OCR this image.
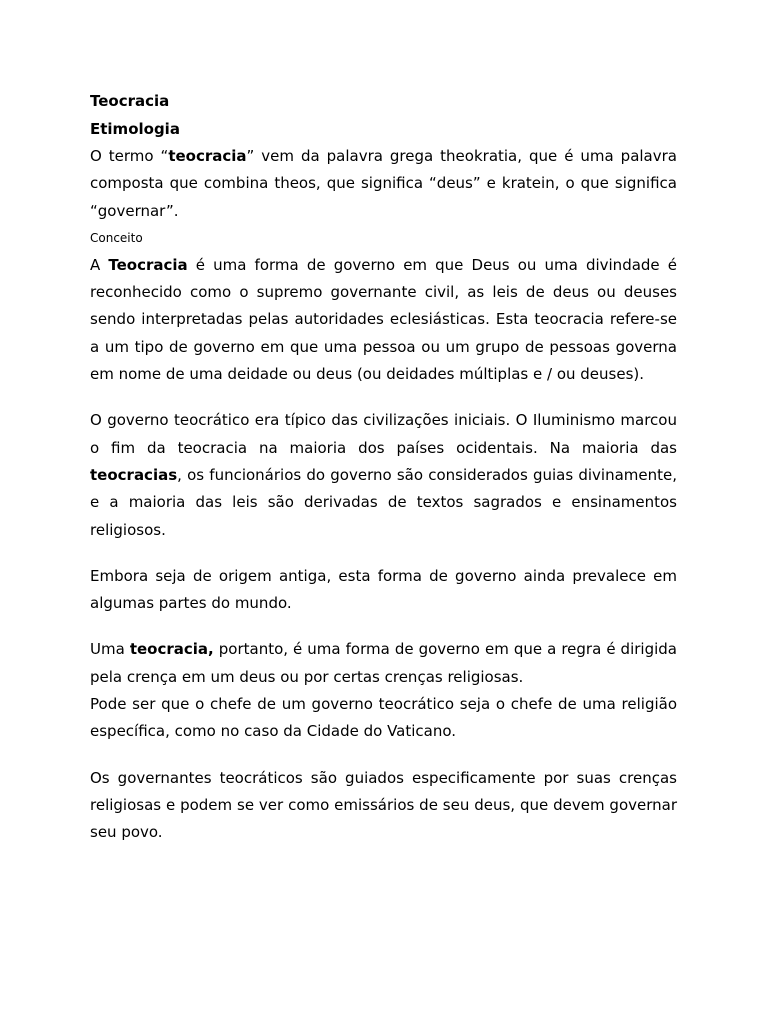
Teocracia

Etimologia

O termo “teocracia” vem da palavra grega theokratia, que é uma palavra composta que combina theos, que significa “deus” e kratein, o que significa “governar”.

Conceito

A Teocracia é uma forma de governo em que Deus ou uma divindade é reconhecido como o supremo governante civil, as leis de deus ou deuses sendo interpretadas pelas autoridades eclesiásticas. Esta teocracia refere-se a um tipo de governo em que uma pessoa ou um grupo de pessoas governa em nome de uma deidade ou deus (ou deidades múltiplas e / ou deuses).

O governo teocrático era típico das civilizações iniciais. O Iluminismo marcou o fim da teocracia na maioria dos países ocidentais. Na maioria das teocracias, os funcionários do governo são considerados guias divinamente, e a maioria das leis são derivadas de textos sagrados e ensinamentos religiosos.

Embora seja de origem antiga, esta forma de governo ainda prevalece em algumas partes do mundo.

Uma teocracia, portanto, é uma forma de governo em que a regra é dirigida pela crença em um deus ou por certas crenças religiosas.

Pode ser que o chefe de um governo teocrático seja o chefe de uma religião específica, como no caso da Cidade do Vaticano.

Os governantes teocráticos são guiados especificamente por suas crenças religiosas e podem se ver como emissários de seu deus, que devem governar seu povo.
